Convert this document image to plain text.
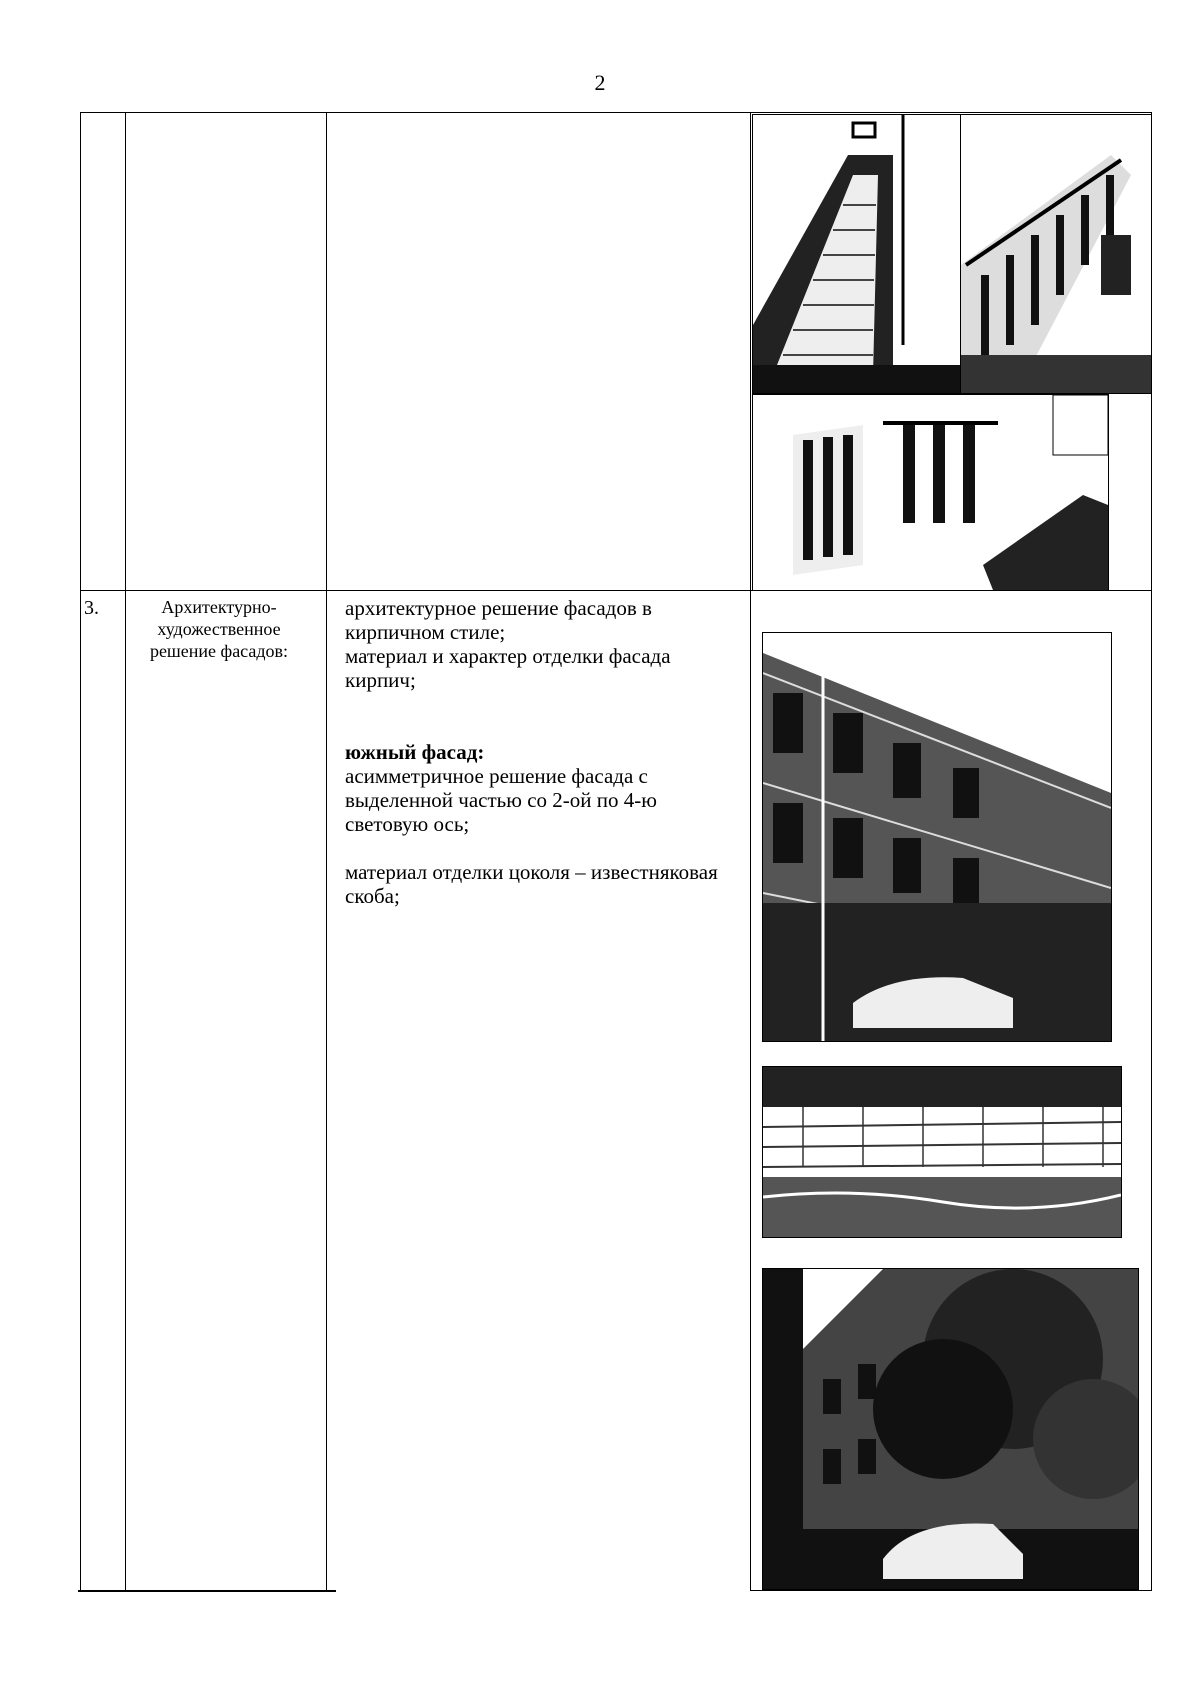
2
3.	Архитектурно-художественное решение фасадов:

архитектурное решение фасадов в кирпичном стиле;

материал и характер отделки фасада кирпич;

южный фасад:

асимметричное решение фасада с выделенной частью со 2-ой по 4-ю световую ось;

материал отделки цоколя – известняковая скоба;
